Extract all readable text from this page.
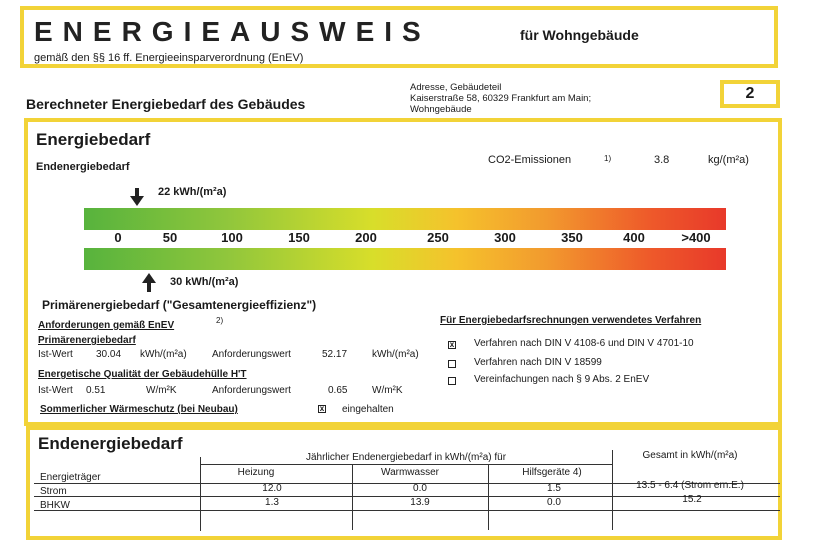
ENERGIEAUSWEIS	für Wohngebäude
gemäß den §§ 16 ff. Energieeinsparverordnung (EnEV)
Berechneter Energiebedarf des Gebäudes
Adresse, Gebäudeteil
Kaiserstraße 58, 60329 Frankfurt am Main;
Wohngebäude
2
Energiebedarf
Endenergiebedarf
CO2-Emissionen	1)	3.8	kg/(m²a)
22 kWh/(m²a)
0	50	100	150	200	250	300	350	400	>400
30 kWh/(m²a)
Primärenergiebedarf ("Gesamtenergieeffizienz")
Anforderungen gemäß EnEV	2)
Primärenergiebedarf
Ist-Wert 30.04 kWh/(m²a)	Anforderungswert	52.17 kWh/(m²a)
Energetische Qualität der Gebäudehülle H'T
Ist-Wert 0.51	W/m²K	Anforderungswert	0.65 W/m²K
Sommerlicher Wärmeschutz (bei Neubau)	x eingehalten
Für Energiebedarfsrechnungen verwendetes Verfahren
x Verfahren nach DIN V 4108-6 und DIN V 4701-10
Verfahren nach DIN V 18599
Vereinfachungen nach § 9 Abs. 2 EnEV
Endenergiebedarf
Jährlicher Endenergiebedarf in kWh/(m²a) für	Gesamt in kWh/(m²a)
Energieträger	Heizung	Warmwasser	Hilfsgeräte 4)
Strom	12.0	0.0	1.5	13.5 - 6.4 (Strom ern.E.)
BHKW	1.3	13.9	0.0	15.2
